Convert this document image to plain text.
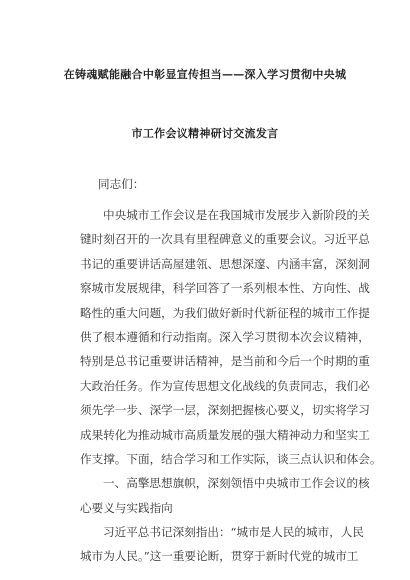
在铸魂赋能融合中彰显宣传担当——深入学习贯彻中央城
市工作会议精神研讨交流发言
同志们：
中央城市工作会议是在我国城市发展步入新阶段的关
键时刻召开的一次具有里程碑意义的重要会议。习近平总
书记的重要讲话高屋建瓴、思想深邃、内涵丰富，深刻洞
察城市发展规律，科学回答了一系列根本性、方向性、战
略性的重大问题，为我们做好新时代新征程的城市工作提
供了根本遵循和行动指南。深入学习贯彻本次会议精神，
特别是总书记重要讲话精神，是当前和今后一个时期的重
大政治任务。作为宣传思想文化战线的负责同志，我们必
须先学一步、深学一层，深刻把握核心要义，切实将学习
成果转化为推动城市高质量发展的强大精神动力和坚实工
作支撑。下面，结合学习和工作实际，谈三点认识和体会。
一、高擎思想旗帜，深刻领悟中央城市工作会议的核
心要义与实践指向
习近平总书记深刻指出：“城市是人民的城市，人民
城市为人民。”这一重要论断，贯穿于新时代党的城市工
